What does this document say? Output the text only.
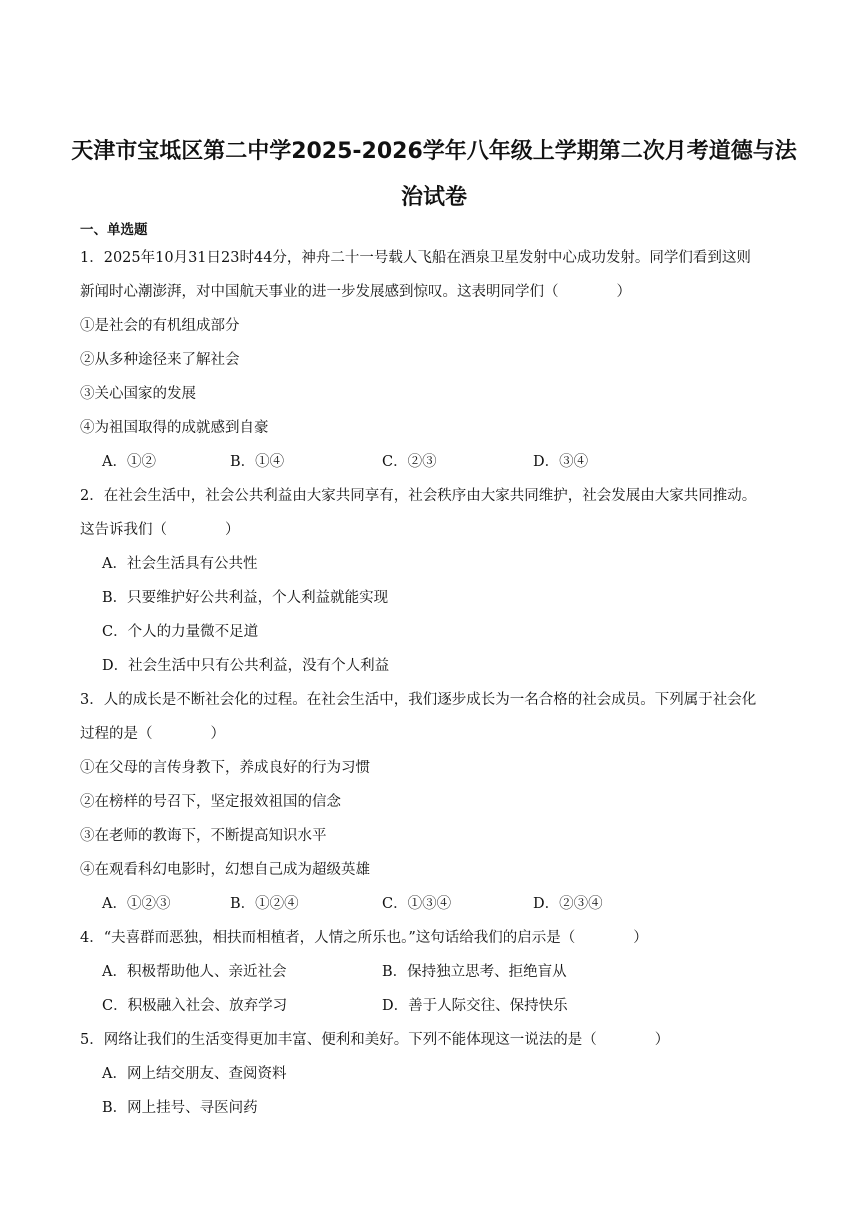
天津市宝坻区第二中学2025-2026学年八年级上学期第二次月考道德与法
治试卷
一、单选题
1．2025年10月31日23时44分，神舟二十一号载人飞船在酒泉卫星发射中心成功发射。同学们看到这则
新闻时心潮澎湃，对中国航天事业的进一步发展感到惊叹。这表明同学们（　　　　）
①是社会的有机组成部分
②从多种途径来了解社会
③关心国家的发展
④为祖国取得的成就感到自豪
A．①②	B．①④	C．②③	D．③④
2．在社会生活中，社会公共利益由大家共同享有，社会秩序由大家共同维护，社会发展由大家共同推动。
这告诉我们（　　　　）
A．社会生活具有公共性
B．只要维护好公共利益，个人利益就能实现
C．个人的力量微不足道
D．社会生活中只有公共利益，没有个人利益
3．人的成长是不断社会化的过程。在社会生活中，我们逐步成长为一名合格的社会成员。下列属于社会化
过程的是（　　　　）
①在父母的言传身教下，养成良好的行为习惯
②在榜样的号召下，坚定报效祖国的信念
③在老师的教诲下，不断提高知识水平
④在观看科幻电影时，幻想自己成为超级英雄
A．①②③	B．①②④	C．①③④	D．②③④
4．“夫喜群而恶独，相扶而相植者，人情之所乐也。”这句话给我们的启示是（　　　　）
A．积极帮助他人、亲近社会	B．保持独立思考、拒绝盲从
C．积极融入社会、放弃学习	D．善于人际交往、保持快乐
5．网络让我们的生活变得更加丰富、便利和美好。下列不能体现这一说法的是（　　　　）
A．网上结交朋友、查阅资料
B．网上挂号、寻医问药
